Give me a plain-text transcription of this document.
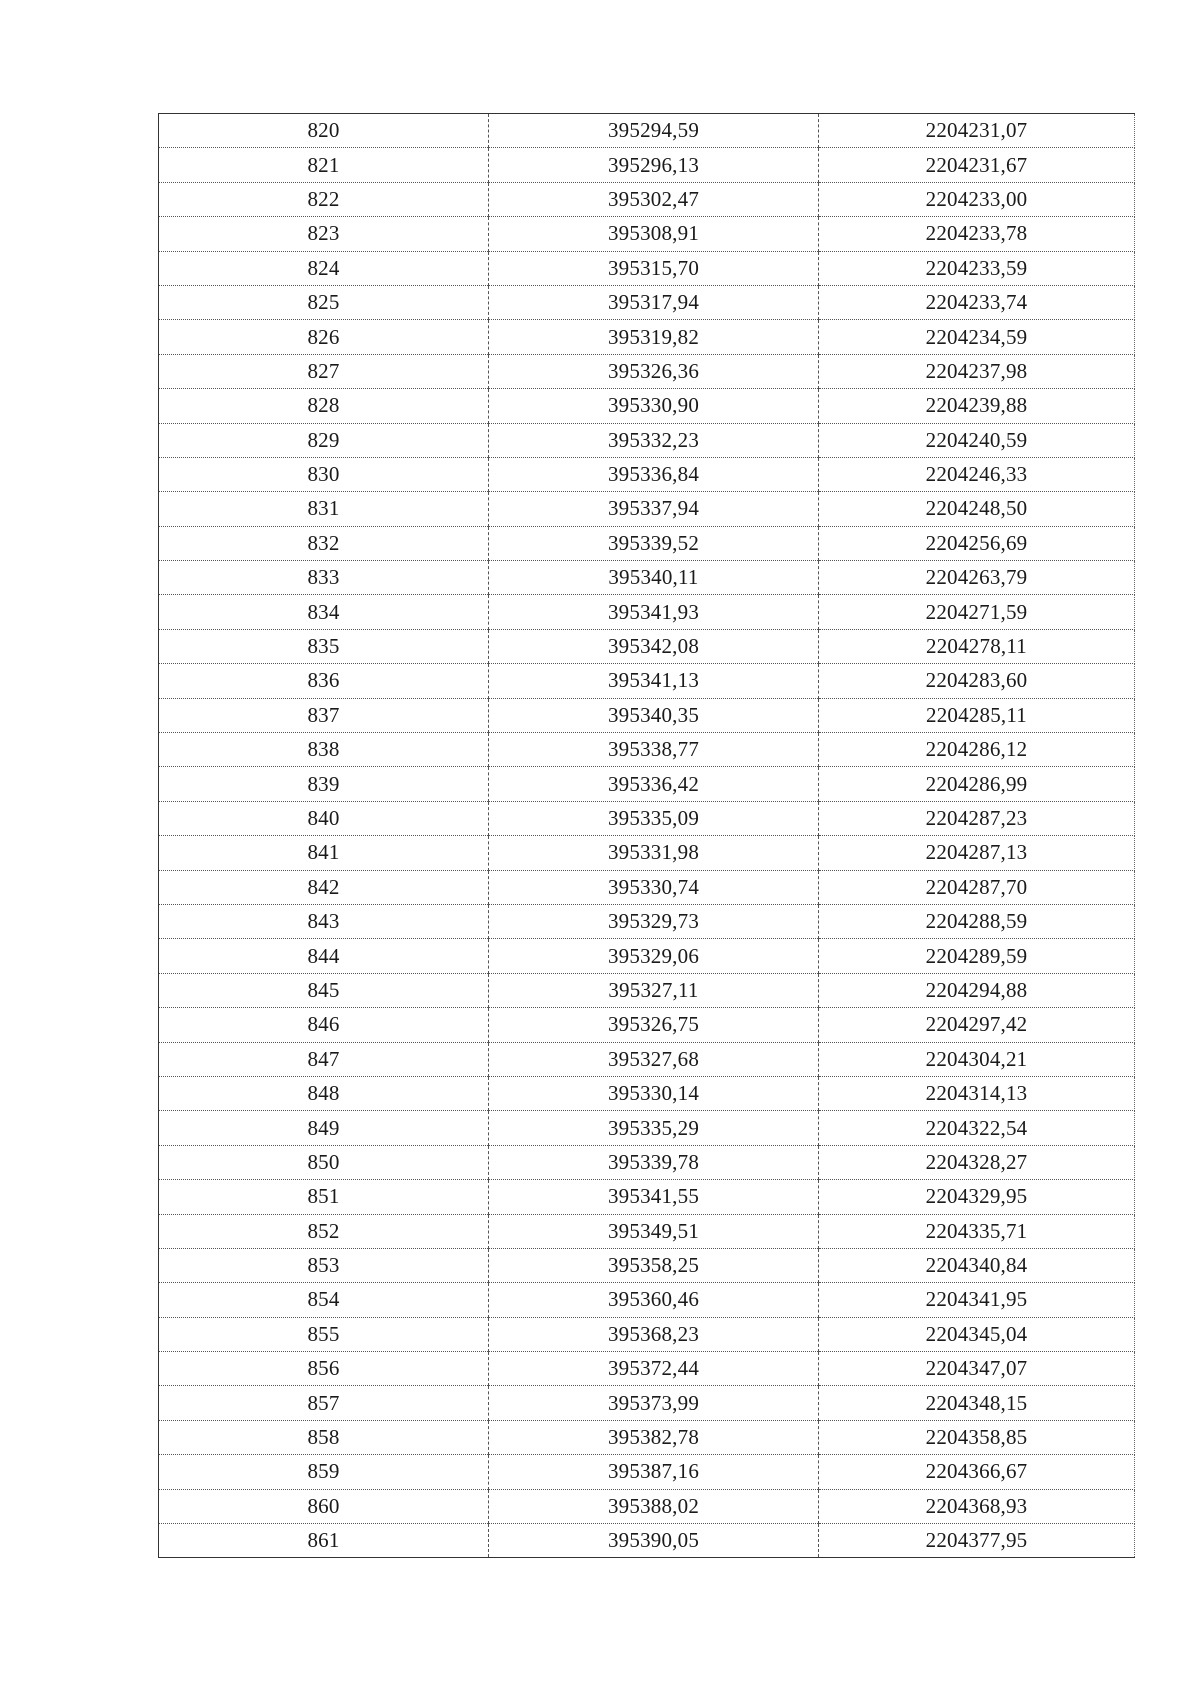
820	395294,59	2204231,07
821	395296,13	2204231,67
822	395302,47	2204233,00
823	395308,91	2204233,78
824	395315,70	2204233,59
825	395317,94	2204233,74
826	395319,82	2204234,59
827	395326,36	2204237,98
828	395330,90	2204239,88
829	395332,23	2204240,59
830	395336,84	2204246,33
831	395337,94	2204248,50
832	395339,52	2204256,69
833	395340,11	2204263,79
834	395341,93	2204271,59
835	395342,08	2204278,11
836	395341,13	2204283,60
837	395340,35	2204285,11
838	395338,77	2204286,12
839	395336,42	2204286,99
840	395335,09	2204287,23
841	395331,98	2204287,13
842	395330,74	2204287,70
843	395329,73	2204288,59
844	395329,06	2204289,59
845	395327,11	2204294,88
846	395326,75	2204297,42
847	395327,68	2204304,21
848	395330,14	2204314,13
849	395335,29	2204322,54
850	395339,78	2204328,27
851	395341,55	2204329,95
852	395349,51	2204335,71
853	395358,25	2204340,84
854	395360,46	2204341,95
855	395368,23	2204345,04
856	395372,44	2204347,07
857	395373,99	2204348,15
858	395382,78	2204358,85
859	395387,16	2204366,67
860	395388,02	2204368,93
861	395390,05	2204377,95
